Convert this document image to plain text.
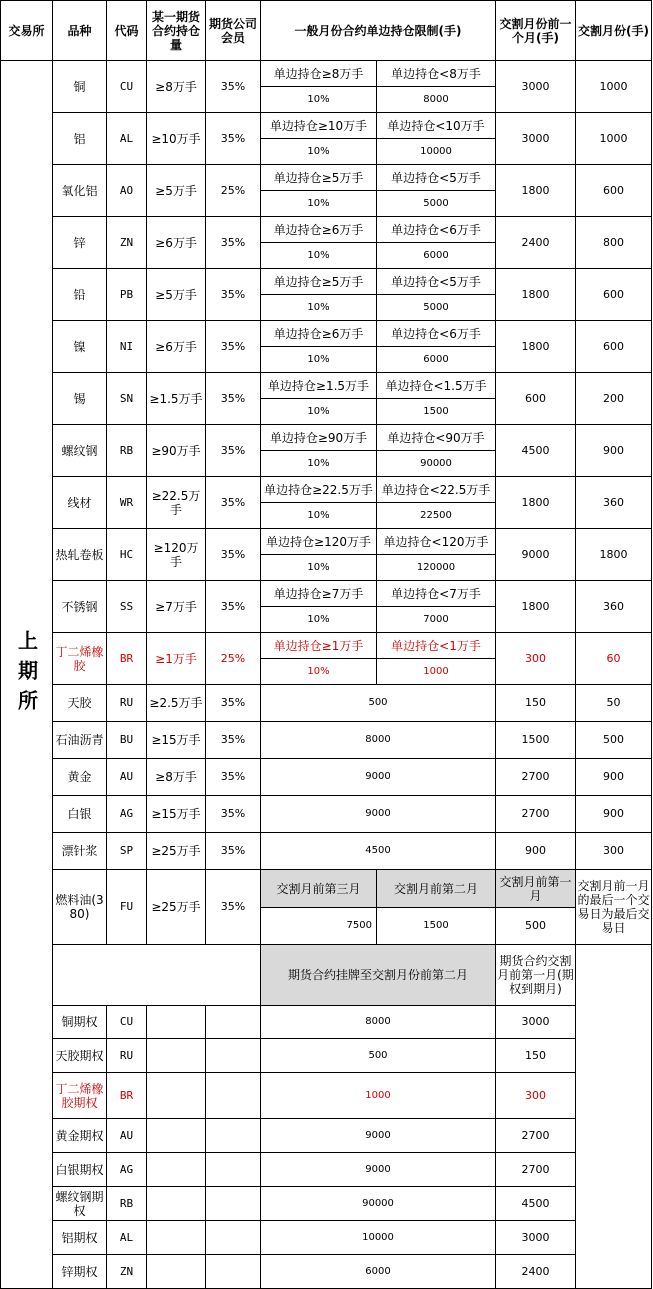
交易所	品种	代码	某一期货合约持仓量	期货公司会员	一般月份合约单边持仓限制(手)		交割月份前一个月(手)	交割月份(手)
上期所	铜	CU	≥8万手	35%	单边持仓≥8万手	单边持仓<8万手	3000	1000
					10%	8000		
	铝	AL	≥10万手	35%	单边持仓≥10万手	单边持仓<10万手	3000	1000
					10%	10000		
	氧化铝	AO	≥5万手	25%	单边持仓≥5万手	单边持仓<5万手	1800	600
					10%	5000		
	锌	ZN	≥6万手	35%	单边持仓≥6万手	单边持仓<6万手	2400	800
					10%	6000		
	铅	PB	≥5万手	35%	单边持仓≥5万手	单边持仓<5万手	1800	600
					10%	5000		
	镍	NI	≥6万手	35%	单边持仓≥6万手	单边持仓<6万手	1800	600
					10%	6000		
	锡	SN	≥1.5万手	35%	单边持仓≥1.5万手	单边持仓<1.5万手	600	200
					10%	1500		
	螺纹钢	RB	≥90万手	35%	单边持仓≥90万手	单边持仓<90万手	4500	900
					10%	90000		
	线材	WR	≥22.5万手	35%	单边持仓≥22.5万手	单边持仓<22.5万手	1800	360
					10%	22500		
	热轧卷板	HC	≥120万手	35%	单边持仓≥120万手	单边持仓<120万手	9000	1800
					10%	120000		
	不锈钢	SS	≥7万手	35%	单边持仓≥7万手	单边持仓<7万手	1800	360
					10%	7000		
	丁二烯橡胶	BR	≥1万手	25%	单边持仓≥1万手	单边持仓<1万手	300	60
					10%	1000		
	天胶	RU	≥2.5万手	35%	500		150	50
	石油沥青	BU	≥15万手	35%	8000		1500	500
	黄金	AU	≥8万手	35%	9000		2700	900
	白银	AG	≥15万手	35%	9000		2700	900
	漂针浆	SP	≥25万手	35%	4500		900	300
	燃料油(380)	FU	≥25万手	35%	交割月前第三月	交割月前第二月	交割月前第一月	交割月前一月的最后一个交易日为最后交易日
					7500	1500	500	
					期货合约挂牌至交割月份前第二月		期货合约交割月前第一月(期权到期月)	
	铜期权	CU			8000		3000	
	天胶期权	RU			500		150	
	丁二烯橡胶期权	BR			1000		300	
	黄金期权	AU			9000		2700	
	白银期权	AG			9000		2700	
	螺纹钢期权	RB			90000		4500	
	铝期权	AL			10000		3000	
	锌期权	ZN			6000		2400	
